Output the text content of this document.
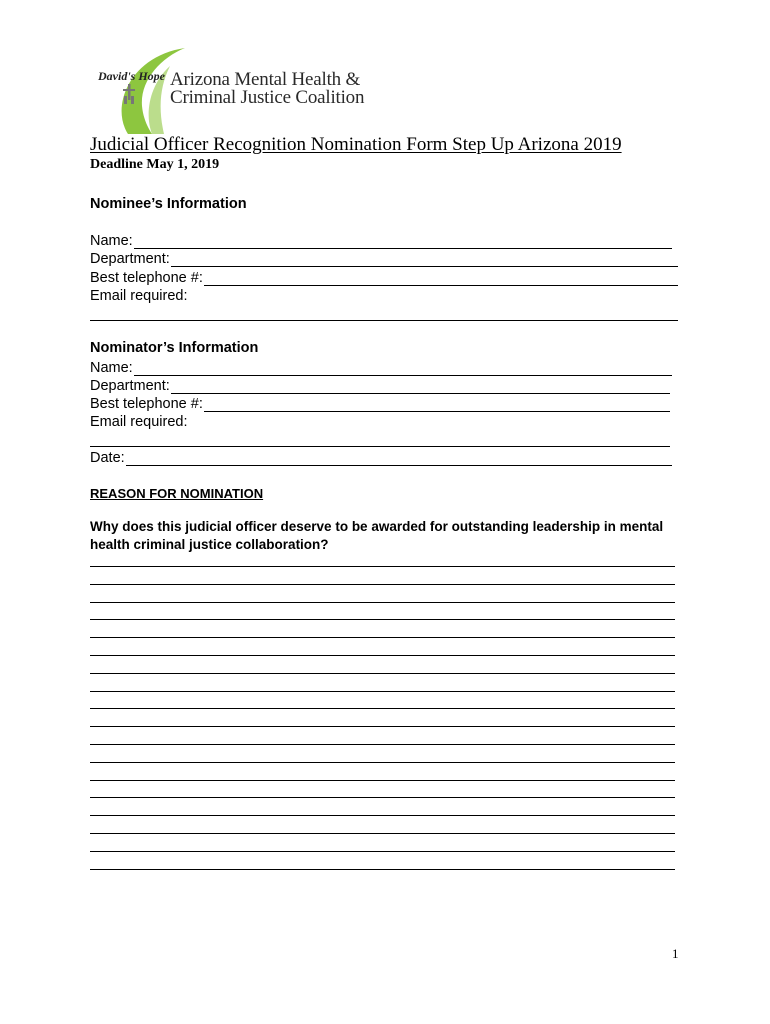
David's Hope Arizona Mental Health &
Criminal Justice Coalition
Judicial Officer Recognition Nomination Form Step Up Arizona 2019
Deadline May 1, 2019
Nominee’s Information
Name:
Department:
Best telephone #:
Email required:
Nominator’s Information
Name:
Department:
Best telephone #:
Email required:
Date:
REASON FOR NOMINATION
Why does this judicial officer deserve to be awarded for outstanding leadership in mental health criminal justice collaboration?
1
